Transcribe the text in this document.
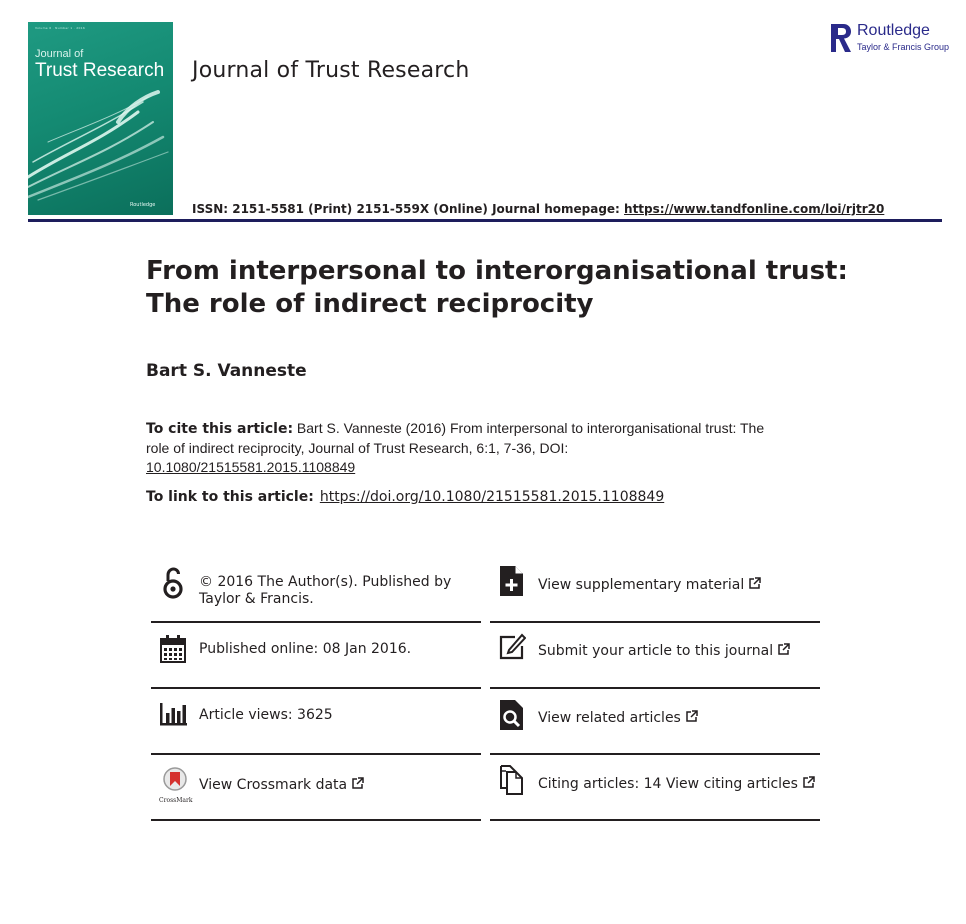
Volume 6 · Number 1 · 2016
Journal of
Trust Research
Routledge
Journal of Trust Research
Routledge
Taylor & Francis Group
ISSN: 2151-5581 (Print) 2151-559X (Online) Journal homepage: https://www.tandfonline.com/loi/rjtr20
From interpersonal to interorganisational trust:
The role of indirect reciprocity
Bart S. Vanneste
To cite this article: Bart S. Vanneste (2016) From interpersonal to interorganisational trust: The role of indirect reciprocity, Journal of Trust Research, 6:1, 7-36, DOI:
10.1080/21515581.2015.1108849
To link to this article: https://doi.org/10.1080/21515581.2015.1108849
© 2016 The Author(s). Published by Taylor & Francis.
Published online: 08 Jan 2016.
Article views: 3625
CrossMark
View Crossmark data
View supplementary material
Submit your article to this journal
View related articles
Citing articles: 14 View citing articles
